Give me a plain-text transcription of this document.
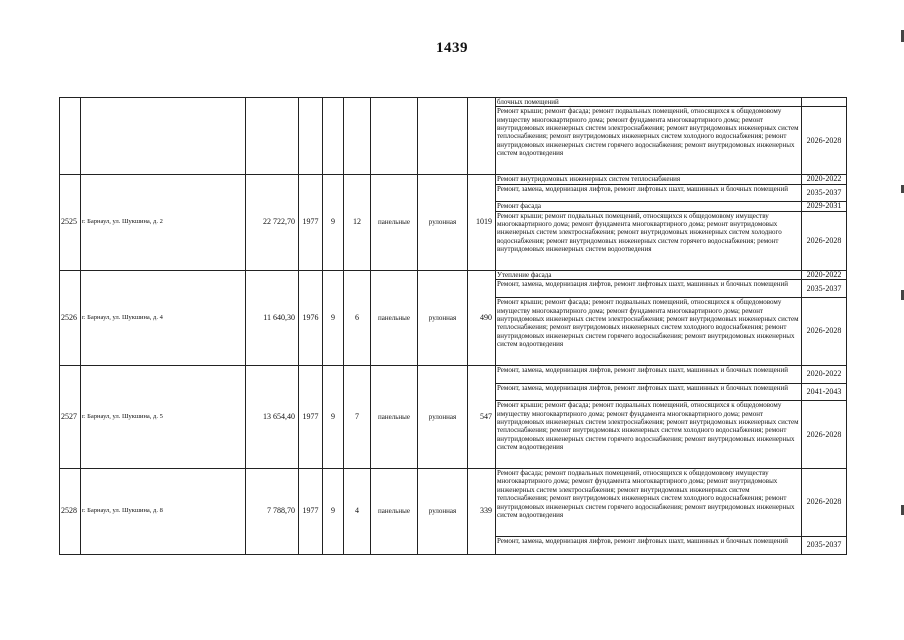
1439
									блочных помещений	
									Ремонт крыши; ремонт фасада; ремонт подвальных помещений, относящихся к общедомовому имуществу многоквартирного дома; ремонт фундамента многоквартирного дома; ремонт внутридомовых инженерных систем электроснабжения; ремонт внутридомовых инженерных систем теплоснабжения; ремонт внутридомовых инженерных систем холодного водоснабжения; ремонт внутридомовых инженерных систем горячего водоснабжения; ремонт внутридомовых инженерных систем водоотведения	2026-2028
2525	г. Барнаул, ул. Шукшина, д. 2	22 722,70	1977	9	12	панельные	рулонная	1019	Ремонт внутридомовых инженерных систем теплоснабжения	2020-2022
									Ремонт, замена, модернизация лифтов, ремонт лифтовых шахт, машинных и блочных помещений	2035-2037
									Ремонт фасада	2029-2031
									Ремонт крыши; ремонт подвальных помещений, относящихся к общедомовому имуществу многоквартирного дома; ремонт фундамента многоквартирного дома; ремонт внутридомовых инженерных систем электроснабжения; ремонт внутридомовых инженерных систем холодного водоснабжения; ремонт внутридомовых инженерных систем горячего водоснабжения; ремонт внутридомовых инженерных систем водоотведения	2026-2028
2526	г. Барнаул, ул. Шукшина, д. 4	11 640,30	1976	9	6	панельные	рулонная	490	Утепление фасада	2020-2022
									Ремонт, замена, модернизация лифтов, ремонт лифтовых шахт, машинных и блочных помещений	2035-2037
									Ремонт крыши; ремонт фасада; ремонт подвальных помещений, относящихся к общедомовому имуществу многоквартирного дома; ремонт фундамента многоквартирного дома; ремонт внутридомовых инженерных систем электроснабжения; ремонт внутридомовых инженерных систем теплоснабжения; ремонт внутридомовых инженерных систем холодного водоснабжения; ремонт внутридомовых инженерных систем горячего водоснабжения; ремонт внутридомовых инженерных систем водоотведения	2026-2028
2527	г. Барнаул, ул. Шукшина, д. 5	13 654,40	1977	9	7	панельные	рулонная	547	Ремонт, замена, модернизация лифтов, ремонт лифтовых шахт, машинных и блочных помещений	2020-2022
									Ремонт, замена, модернизация лифтов, ремонт лифтовых шахт, машинных и блочных помещений	2041-2043
									Ремонт крыши; ремонт фасада; ремонт подвальных помещений, относящихся к общедомовому имуществу многоквартирного дома; ремонт фундамента многоквартирного дома; ремонт внутридомовых инженерных систем электроснабжения; ремонт внутридомовых инженерных систем теплоснабжения; ремонт внутридомовых инженерных систем холодного водоснабжения; ремонт внутридомовых инженерных систем горячего водоснабжения; ремонт внутридомовых инженерных систем водоотведения	2026-2028
2528	г. Барнаул, ул. Шукшина, д. 8	7 788,70	1977	9	4	панельные	рулонная	339	Ремонт фасада; ремонт подвальных помещений, относящихся к общедомовому имуществу многоквартирного дома; ремонт фундамента многоквартирного дома; ремонт внутридомовых инженерных систем электроснабжения; ремонт внутридомовых инженерных систем теплоснабжения; ремонт внутридомовых инженерных систем холодного водоснабжения; ремонт внутридомовых инженерных систем горячего водоснабжения; ремонт внутридомовых инженерных систем водоотведения	2026-2028
									Ремонт, замена, модернизация лифтов, ремонт лифтовых шахт, машинных и блочных помещений	2035-2037
